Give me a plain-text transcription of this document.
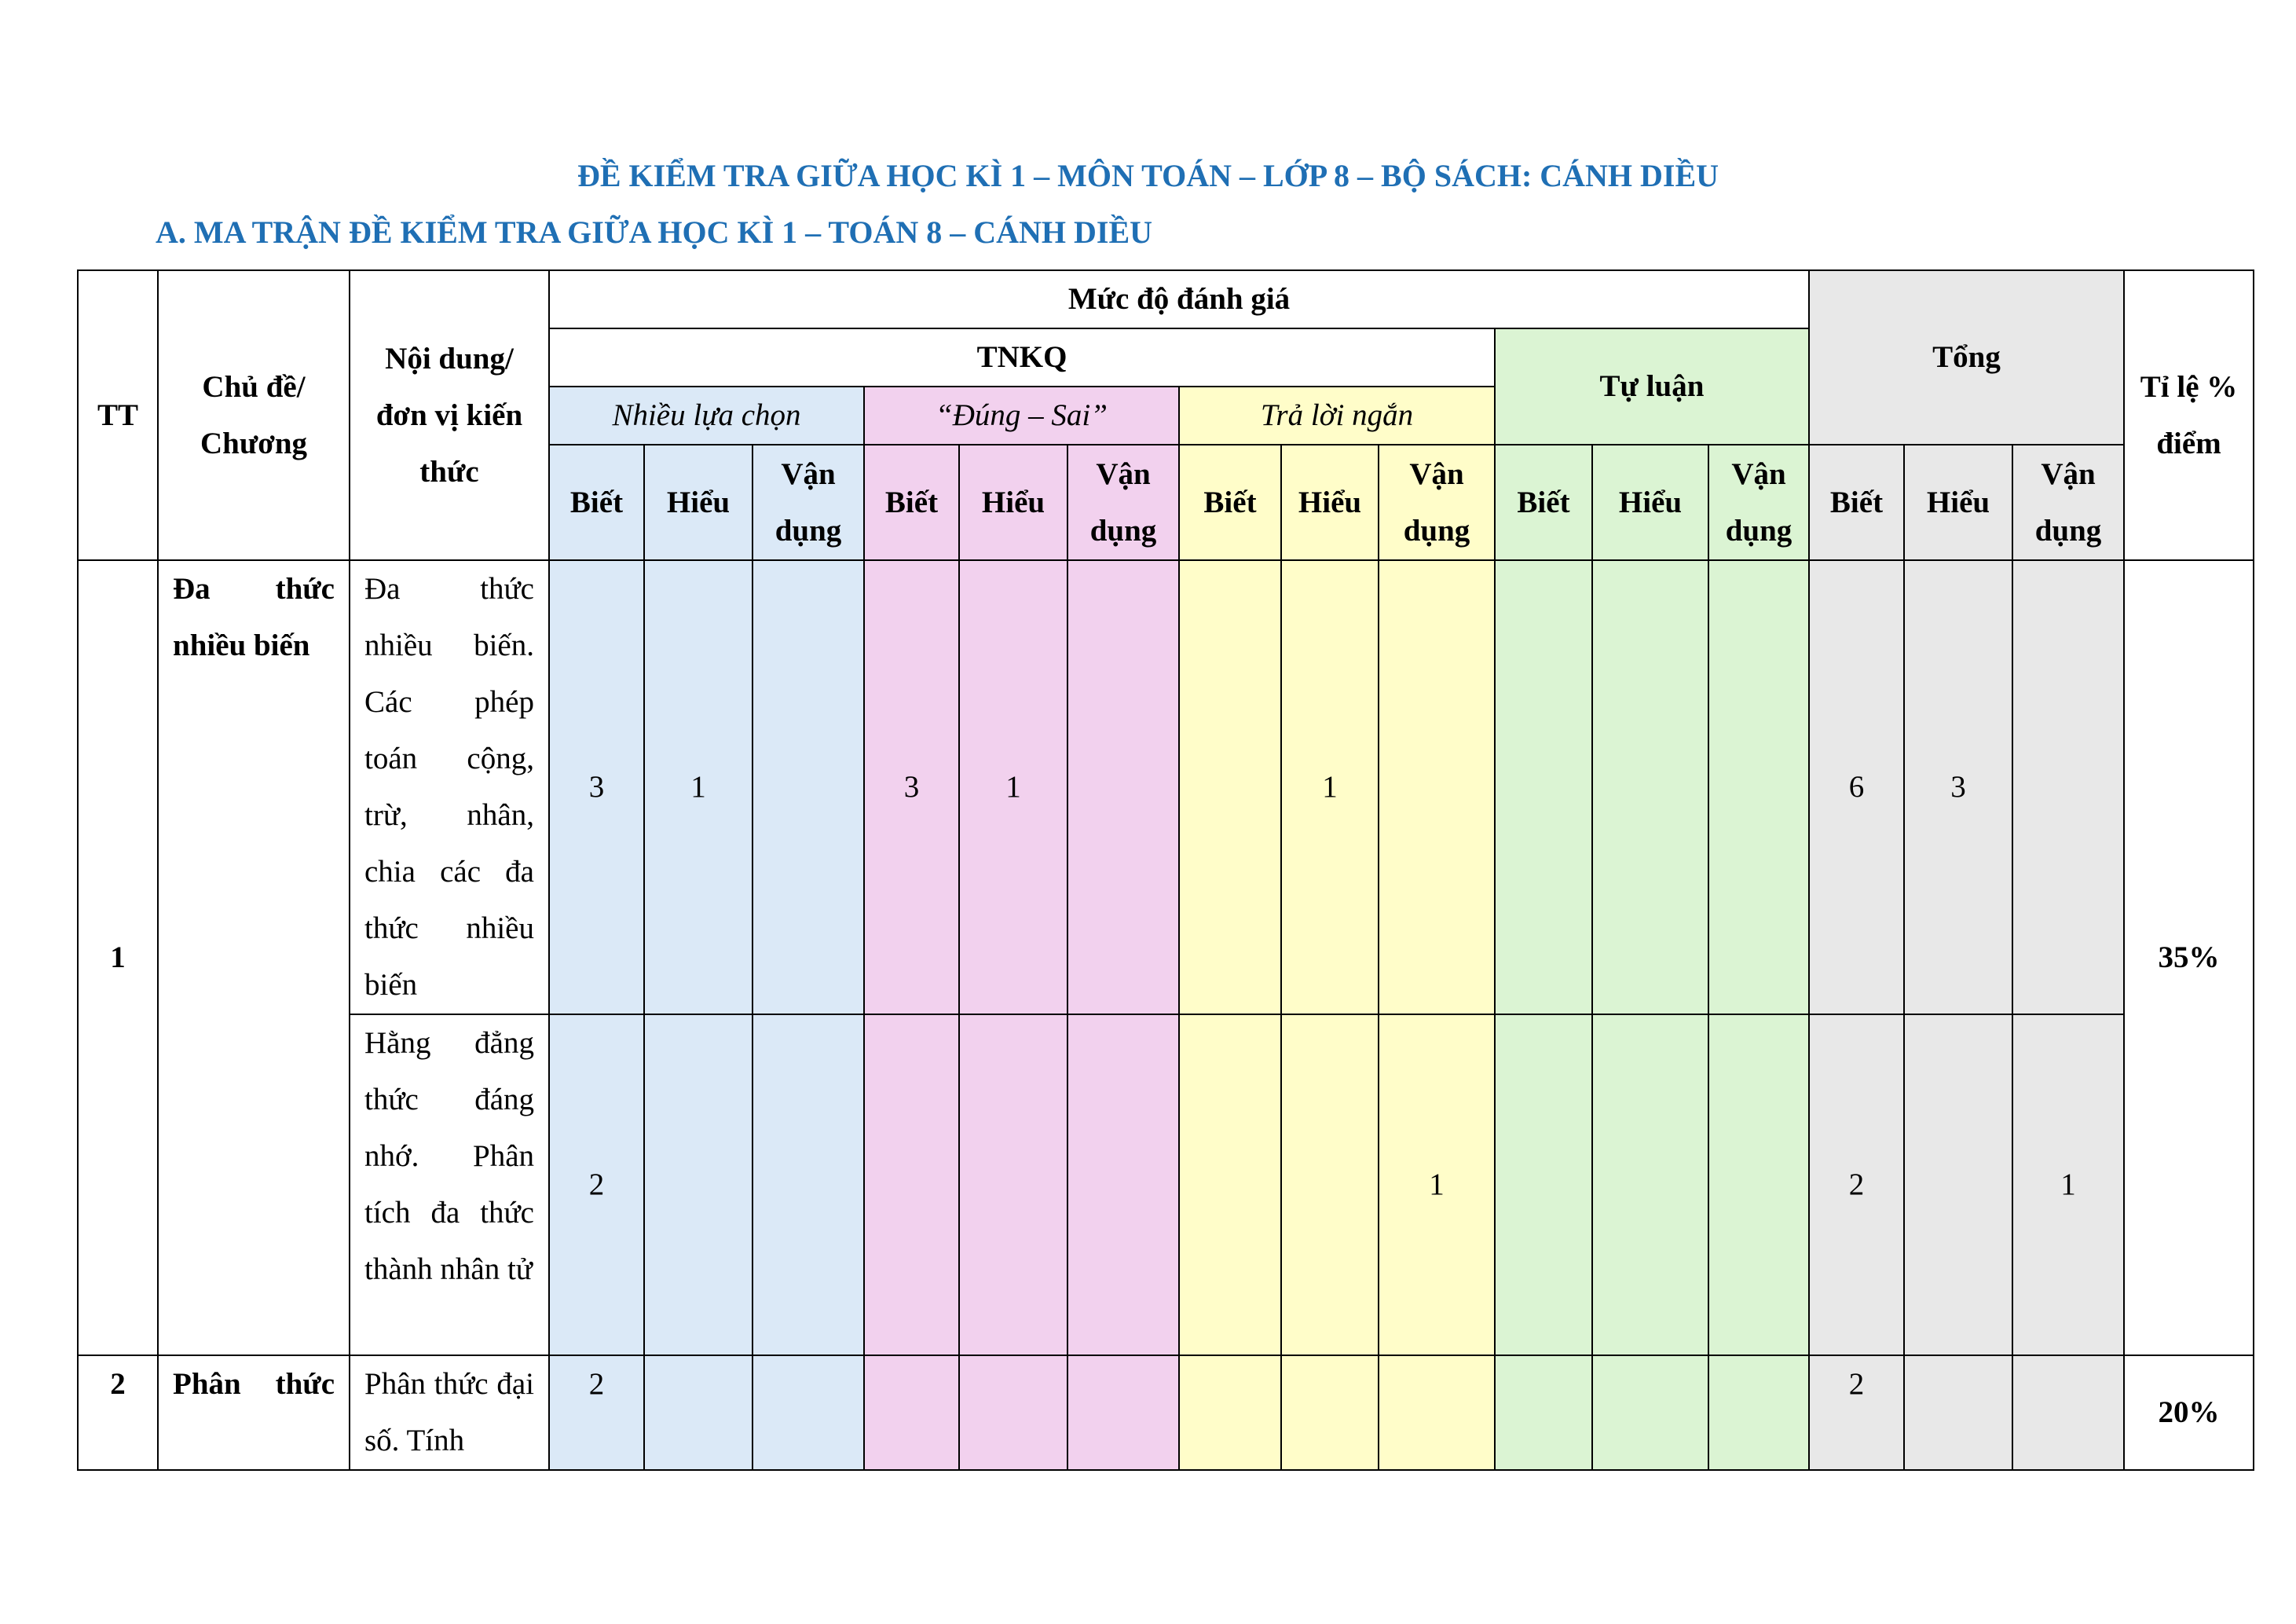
ĐỀ KIỂM TRA GIỮA HỌC KÌ 1 – MÔN TOÁN – LỚP 8 – BỘ SÁCH: CÁNH DIỀU
A. MA TRẬN ĐỀ KIỂM TRA GIỮA HỌC KÌ 1 – TOÁN 8 – CÁNH DIỀU
TT	Chủ đề/ Chương	Nội dung/ đơn vị kiến thức	Mức độ đánh giá												Tổng			Tỉ lệ % điểm
			TNKQ									Tự luận						
			Nhiều lựa chọn			“Đúng – Sai”			Trả lời ngắn									
			Biết	Hiểu	Vận dụng	Biết	Hiểu	Vận dụng	Biết	Hiểu	Vận dụng	Biết	Hiểu	Vận dụng	Biết	Hiểu	Vận dụng	
1	Đa thức nhiều biến	Đa thức nhiều biến. Các phép toán cộng, trừ, nhân, chia các đa thức nhiều biến	3	1		3	1			1					6	3		35%
		Hằng đẳng thức đáng nhớ. Phân tích đa thức thành nhân tử	2								1				2		1	
2	Phân thức	Phân thức đại số. Tính	2												2			20%
